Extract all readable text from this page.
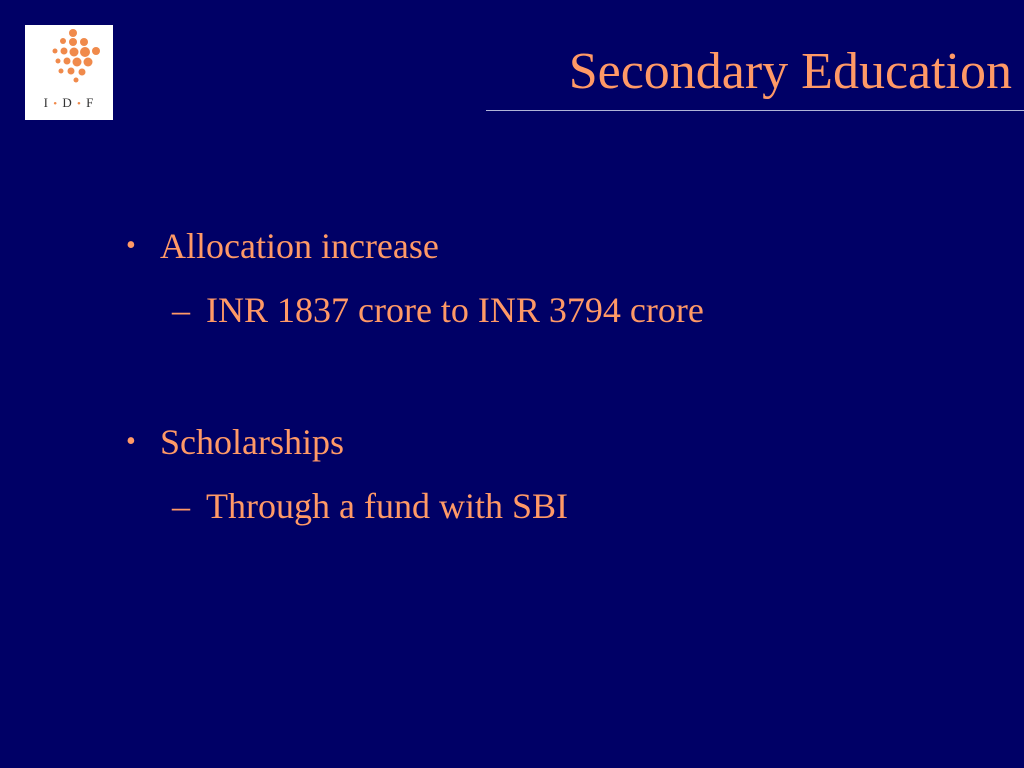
I • D • F
Secondary Education
• Allocation increase
– INR 1837 crore to INR 3794 crore
• Scholarships
– Through a fund with SBI
